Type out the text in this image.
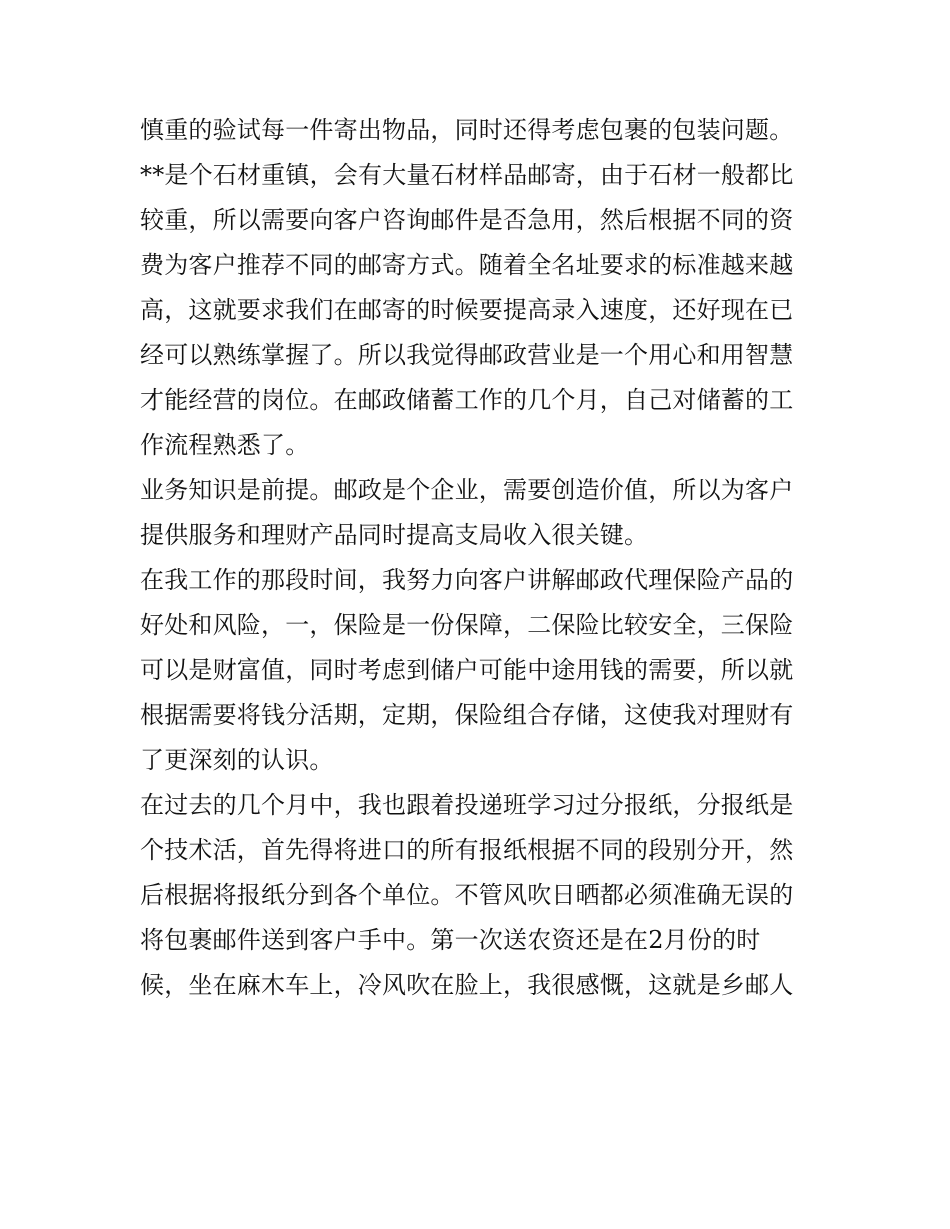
慎重的验试每一件寄出物品，同时还得考虑包裹的包装问题。
**是个石材重镇，会有大量石材样品邮寄，由于石材一般都比
较重，所以需要向客户咨询邮件是否急用，然后根据不同的资
费为客户推荐不同的邮寄方式。随着全名址要求的标准越来越
高，这就要求我们在邮寄的时候要提高录入速度，还好现在已
经可以熟练掌握了。所以我觉得邮政营业是一个用心和用智慧
才能经营的岗位。在邮政储蓄工作的几个月，自己对储蓄的工
作流程熟悉了。
业务知识是前提。邮政是个企业，需要创造价值，所以为客户
提供服务和理财产品同时提高支局收入很关键。
在我工作的那段时间，我努力向客户讲解邮政代理保险产品的
好处和风险，一，保险是一份保障，二保险比较安全，三保险
可以是财富值，同时考虑到储户可能中途用钱的需要，所以就
根据需要将钱分活期，定期，保险组合存储，这使我对理财有
了更深刻的认识。
在过去的几个月中，我也跟着投递班学习过分报纸，分报纸是
个技术活，首先得将进口的所有报纸根据不同的段别分开，然
后根据将报纸分到各个单位。不管风吹日晒都必须准确无误的
将包裹邮件送到客户手中。第一次送农资还是在2月份的时
候，坐在麻木车上，冷风吹在脸上，我很感慨，这就是乡邮人
